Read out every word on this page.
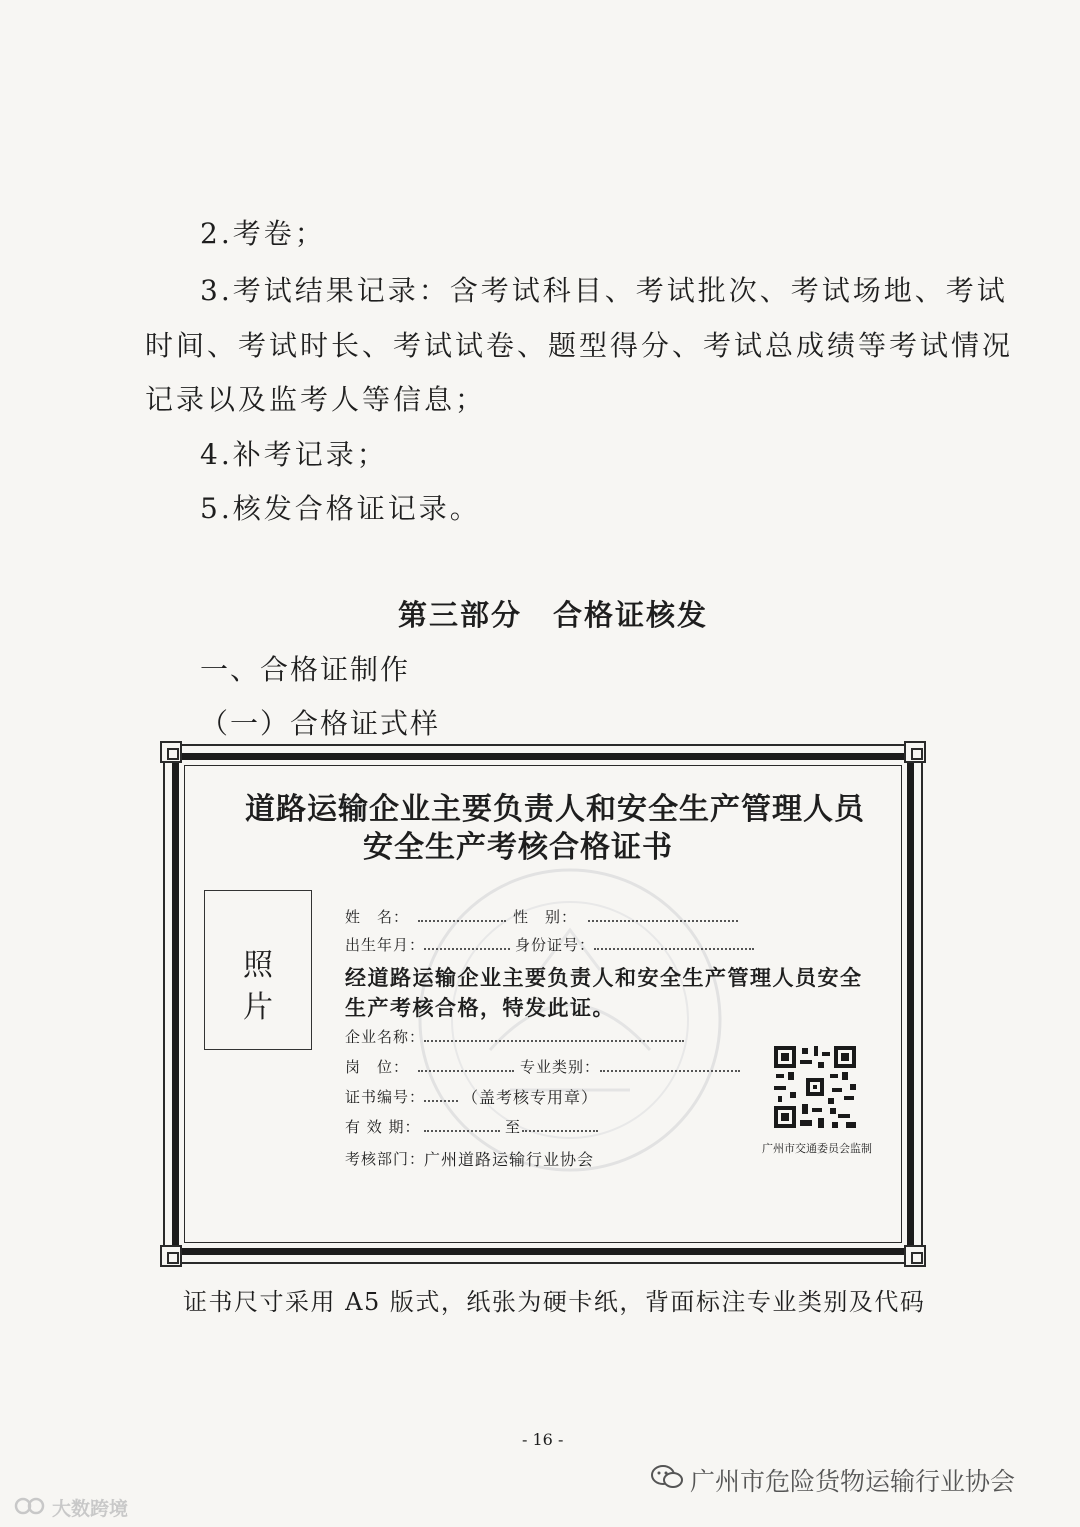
2.考卷；
3.考试结果记录：含考试科目、考试批次、考试场地、考试
时间、考试时长、考试试卷、题型得分、考试总成绩等考试情况
记录以及监考人等信息；
4.补考记录；
5.核发合格证记录。
第三部分　合格证核发
一、合格证制作
（一）合格证式样
道路运输企业主要负责人和安全生产管理人员
安全生产考核合格证书
照
片
姓　名：	性　别：
出生年月：	身份证号：
经道路运输企业主要负责人和安全生产管理人员安全
生产考核合格，特发此证。
企业名称：
岗　位：	专业类别：
证书编号： （盖考核专用章）
有 效 期：	至
考核部门：
广州道路运输行业协会
广州市交通委员会监制
证书尺寸采用 A5 版式，纸张为硬卡纸，背面标注专业类别及代码
- 16 -
广州市危险货物运输行业协会
大数跨境
